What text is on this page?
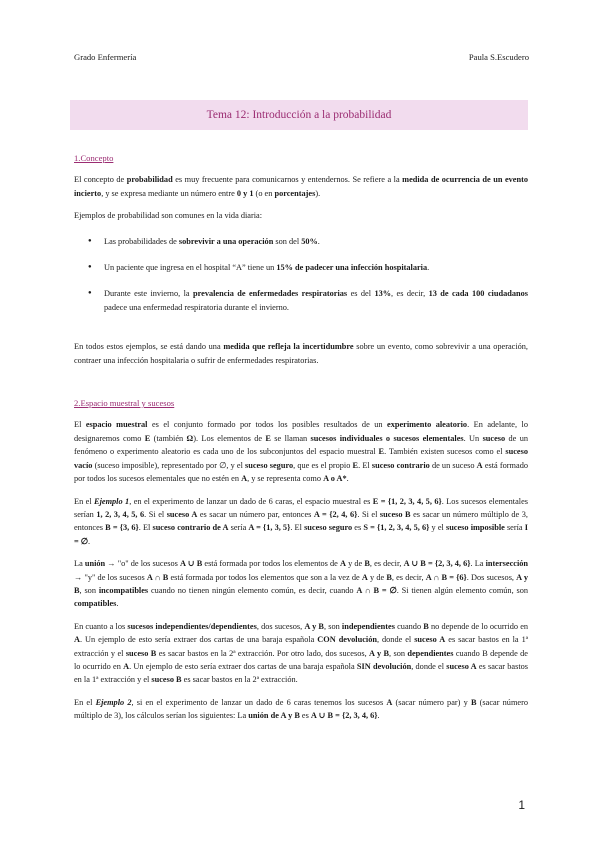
Grado Enfermería	Paula S.Escudero
Tema 12: Introducción a la probabilidad
1.Concepto

El concepto de probabilidad es muy frecuente para comunicarnos y entendernos. Se refiere a la medida de ocurrencia de un evento incierto, y se expresa mediante un número entre 0 y 1 (o en porcentajes).

Ejemplos de probabilidad son comunes en la vida diaria:

● Las probabilidades de sobrevivir a una operación son del 50%.
● Un paciente que ingresa en el hospital “A” tiene un 15% de padecer una infección hospitalaria.
● Durante este invierno, la prevalencia de enfermedades respiratorias es del 13%, es decir, 13 de cada 100 ciudadanos padece una enfermedad respiratoria durante el invierno.

En todos estos ejemplos, se está dando una medida que refleja la incertidumbre sobre un evento, como sobrevivir a una operación, contraer una infección hospitalaria o sufrir de enfermedades respiratorias.

2.Espacio muestral y sucesos

El espacio muestral es el conjunto formado por todos los posibles resultados de un experimento aleatorio. En adelante, lo designaremos como E (también Ω). Los elementos de E se llaman sucesos individuales o sucesos elementales. Un suceso de un fenómeno o experimento aleatorio es cada uno de los subconjuntos del espacio muestral E. También existen sucesos como el suceso vacío (suceso imposible), representado por ∅, y el suceso seguro, que es el propio E. El suceso contrario de un suceso A está formado por todos los sucesos elementales que no estén en A, y se representa como A o A*.

En el Ejemplo 1, en el experimento de lanzar un dado de 6 caras, el espacio muestral es E = {1, 2, 3, 4, 5, 6}. Los sucesos elementales serían 1, 2, 3, 4, 5, 6. Si el suceso A es sacar un número par, entonces A = {2, 4, 6}. Si el suceso B es sacar un número múltiplo de 3, entonces B = {3, 6}. El suceso contrario de A sería A = {1, 3, 5}. El suceso seguro es S = {1, 2, 3, 4, 5, 6} y el suceso imposible sería I = ∅.

La unión → "o" de los sucesos A ∪ B está formada por todos los elementos de A y de B, es decir, A ∪ B = {2, 3, 4, 6}. La intersección → "y" de los sucesos A ∩ B está formada por todos los elementos que son a la vez de A y de B, es decir, A ∩ B = {6}. Dos sucesos, A y B, son incompatibles cuando no tienen ningún elemento común, es decir, cuando A ∩ B = ∅. Si tienen algún elemento común, son compatibles.

En cuanto a los sucesos independientes/dependientes, dos sucesos, A y B, son independientes cuando B no depende de lo ocurrido en A. Un ejemplo de esto sería extraer dos cartas de una baraja española CON devolución, donde el suceso A es sacar bastos en la 1ª extracción y el suceso B es sacar bastos en la 2ª extracción. Por otro lado, dos sucesos, A y B, son dependientes cuando B depende de lo ocurrido en A. Un ejemplo de esto sería extraer dos cartas de una baraja española SIN devolución, donde el suceso A es sacar bastos en la 1ª extracción y el suceso B es sacar bastos en la 2ª extracción.

En el Ejemplo 2, si en el experimento de lanzar un dado de 6 caras tenemos los sucesos A (sacar número par) y B (sacar número múltiplo de 3), los cálculos serían los siguientes: La unión de A y B es A ∪ B = {2, 3, 4, 6}.

1
